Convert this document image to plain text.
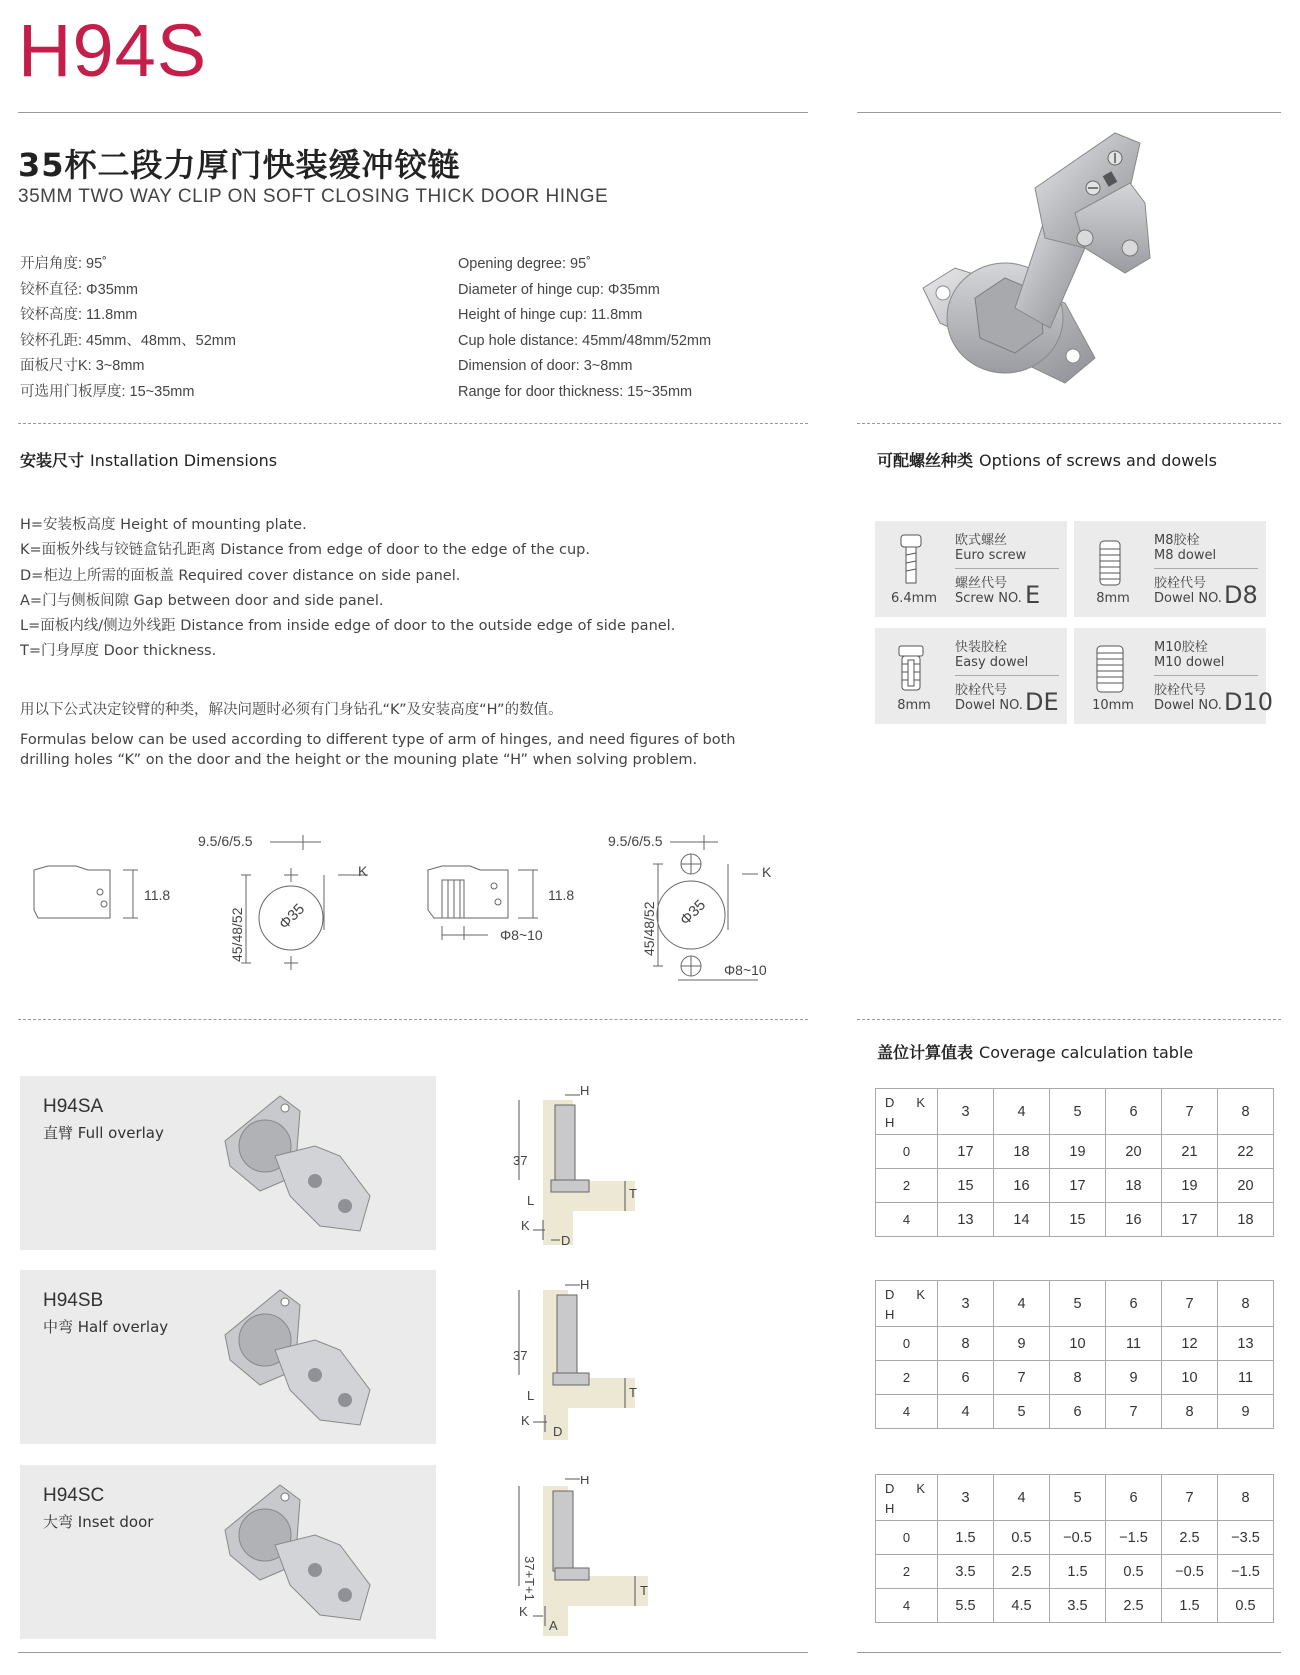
H94S
35杯二段力厚门快装缓冲铰链
35MM TWO WAY CLIP ON SOFT CLOSING THICK DOOR HINGE
开启角度: 95˚
铰杯直径: Φ35mm
铰杯高度: 11.8mm
铰杯孔距: 45mm、48mm、52mm
面板尺寸K: 3~8mm
可选用门板厚度: 15~35mm
Opening degree: 95˚
Diameter of hinge cup: Φ35mm
Height of hinge cup: 11.8mm
Cup hole distance: 45mm/48mm/52mm
Dimension of door: 3~8mm
Range for door thickness: 15~35mm
安装尺寸 Installation Dimensions
H=安装板高度 Height of mounting plate.
K=面板外线与铰链盒钻孔距离 Distance from edge of door to the edge of the cup.
D=柜边上所需的面板盖 Required cover distance on side panel.
A=门与侧板间隙 Gap between door and side panel.
L=面板内线/侧边外线距 Distance from inside edge of door to the outside edge of side panel.
T=门身厚度 Door thickness.
用以下公式决定铰臂的种类，解决问题时必须有门身钻孔“K”及安装高度“H”的数值。
Formulas below can be used according to different type of arm of hinges, and need figures of both
drilling holes “K” on the door and the height or the mouning plate “H” when solving problem.
11.8
9.5/6/5.5
K
45/48/52 Φ35
11.8
Φ8~10
9.5/6/5.5
K
45/48/52 Φ35
Φ8~10
可配螺丝种类 Options of screws and dowels
6.4mm
欧式螺丝
Euro screw
螺丝代号
Screw NO. E	8mm
M8胶栓
M8 dowel
胶栓代号
Dowel NO. D8
8mm
快装胶栓
Easy dowel
胶栓代号
Dowel NO. DE	10mm
M10胶栓
M10 dowel
胶栓代号
Dowel NO. D10
盖位计算值表 Coverage calculation table
D K
H	3	4	5	6	7	8
0	17	18	19	20	21	22
2	15	16	17	18	19	20
4	13	14	15	16	17	18
D K
H	3	4	5	6	7	8
0	8	9	10	11	12	13
2	6	7	8	9	10	11
4	4	5	6	7	8	9
D K
H	3	4	5	6	7	8
0	1.5	0.5	−0.5	−1.5	2.5	−3.5
2	3.5	2.5	1.5	0.5	−0.5	−1.5
4	5.5	4.5	3.5	2.5	1.5	0.5
H94SA
直臂 Full overlay
H94SB
中弯 Half overlay
H94SC
大弯 Inset door
37
H
L
K
D
T
37
H
L
K
D
T
37+T+1
H
K
A
T
